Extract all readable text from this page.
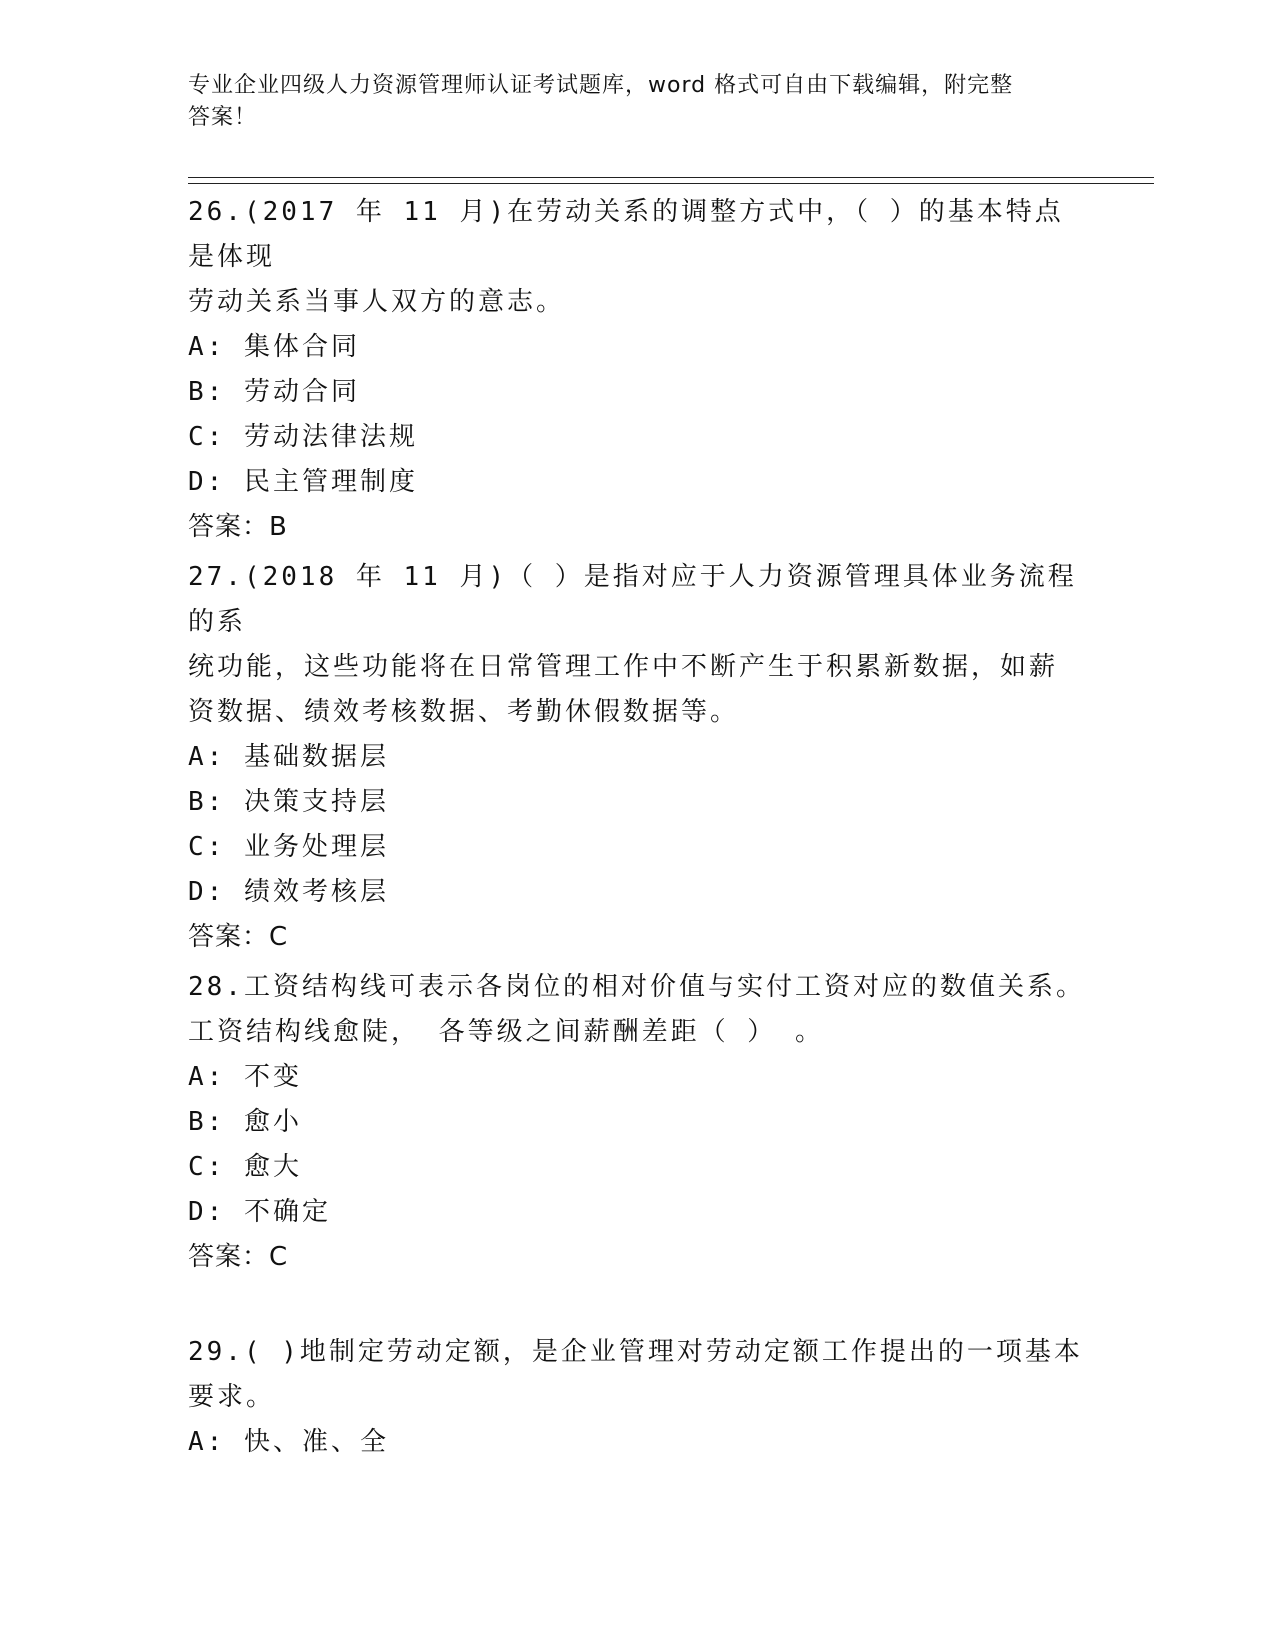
专业企业四级人力资源管理师认证考试题库，word 格式可自由下载编辑，附完整
答案！

26.(2017 年 11 月)在劳动关系的调整方式中，（ ）的基本特点是体现

劳动关系当事人双方的意志。

A: 集体合同

B: 劳动合同

C: 劳动法律法规

D: 民主管理制度

答案：B

27.(2018 年 11 月)（ ）是指对应于人力资源管理具体业务流程的系

统功能，这些功能将在日常管理工作中不断产生于积累新数据，如薪

资数据、绩效考核数据、考勤休假数据等。

A: 基础数据层

B: 决策支持层

C: 业务处理层

D: 绩效考核层

答案：C

28.工资结构线可表示各岗位的相对价值与实付工资对应的数值关系。

工资结构线愈陡， 各等级之间薪酬差距（ ） 。

A: 不变

B: 愈小

C: 愈大

D: 不确定

答案：C

29.( )地制定劳动定额，是企业管理对劳动定额工作提出的一项基本

要求。

A: 快、准、全
